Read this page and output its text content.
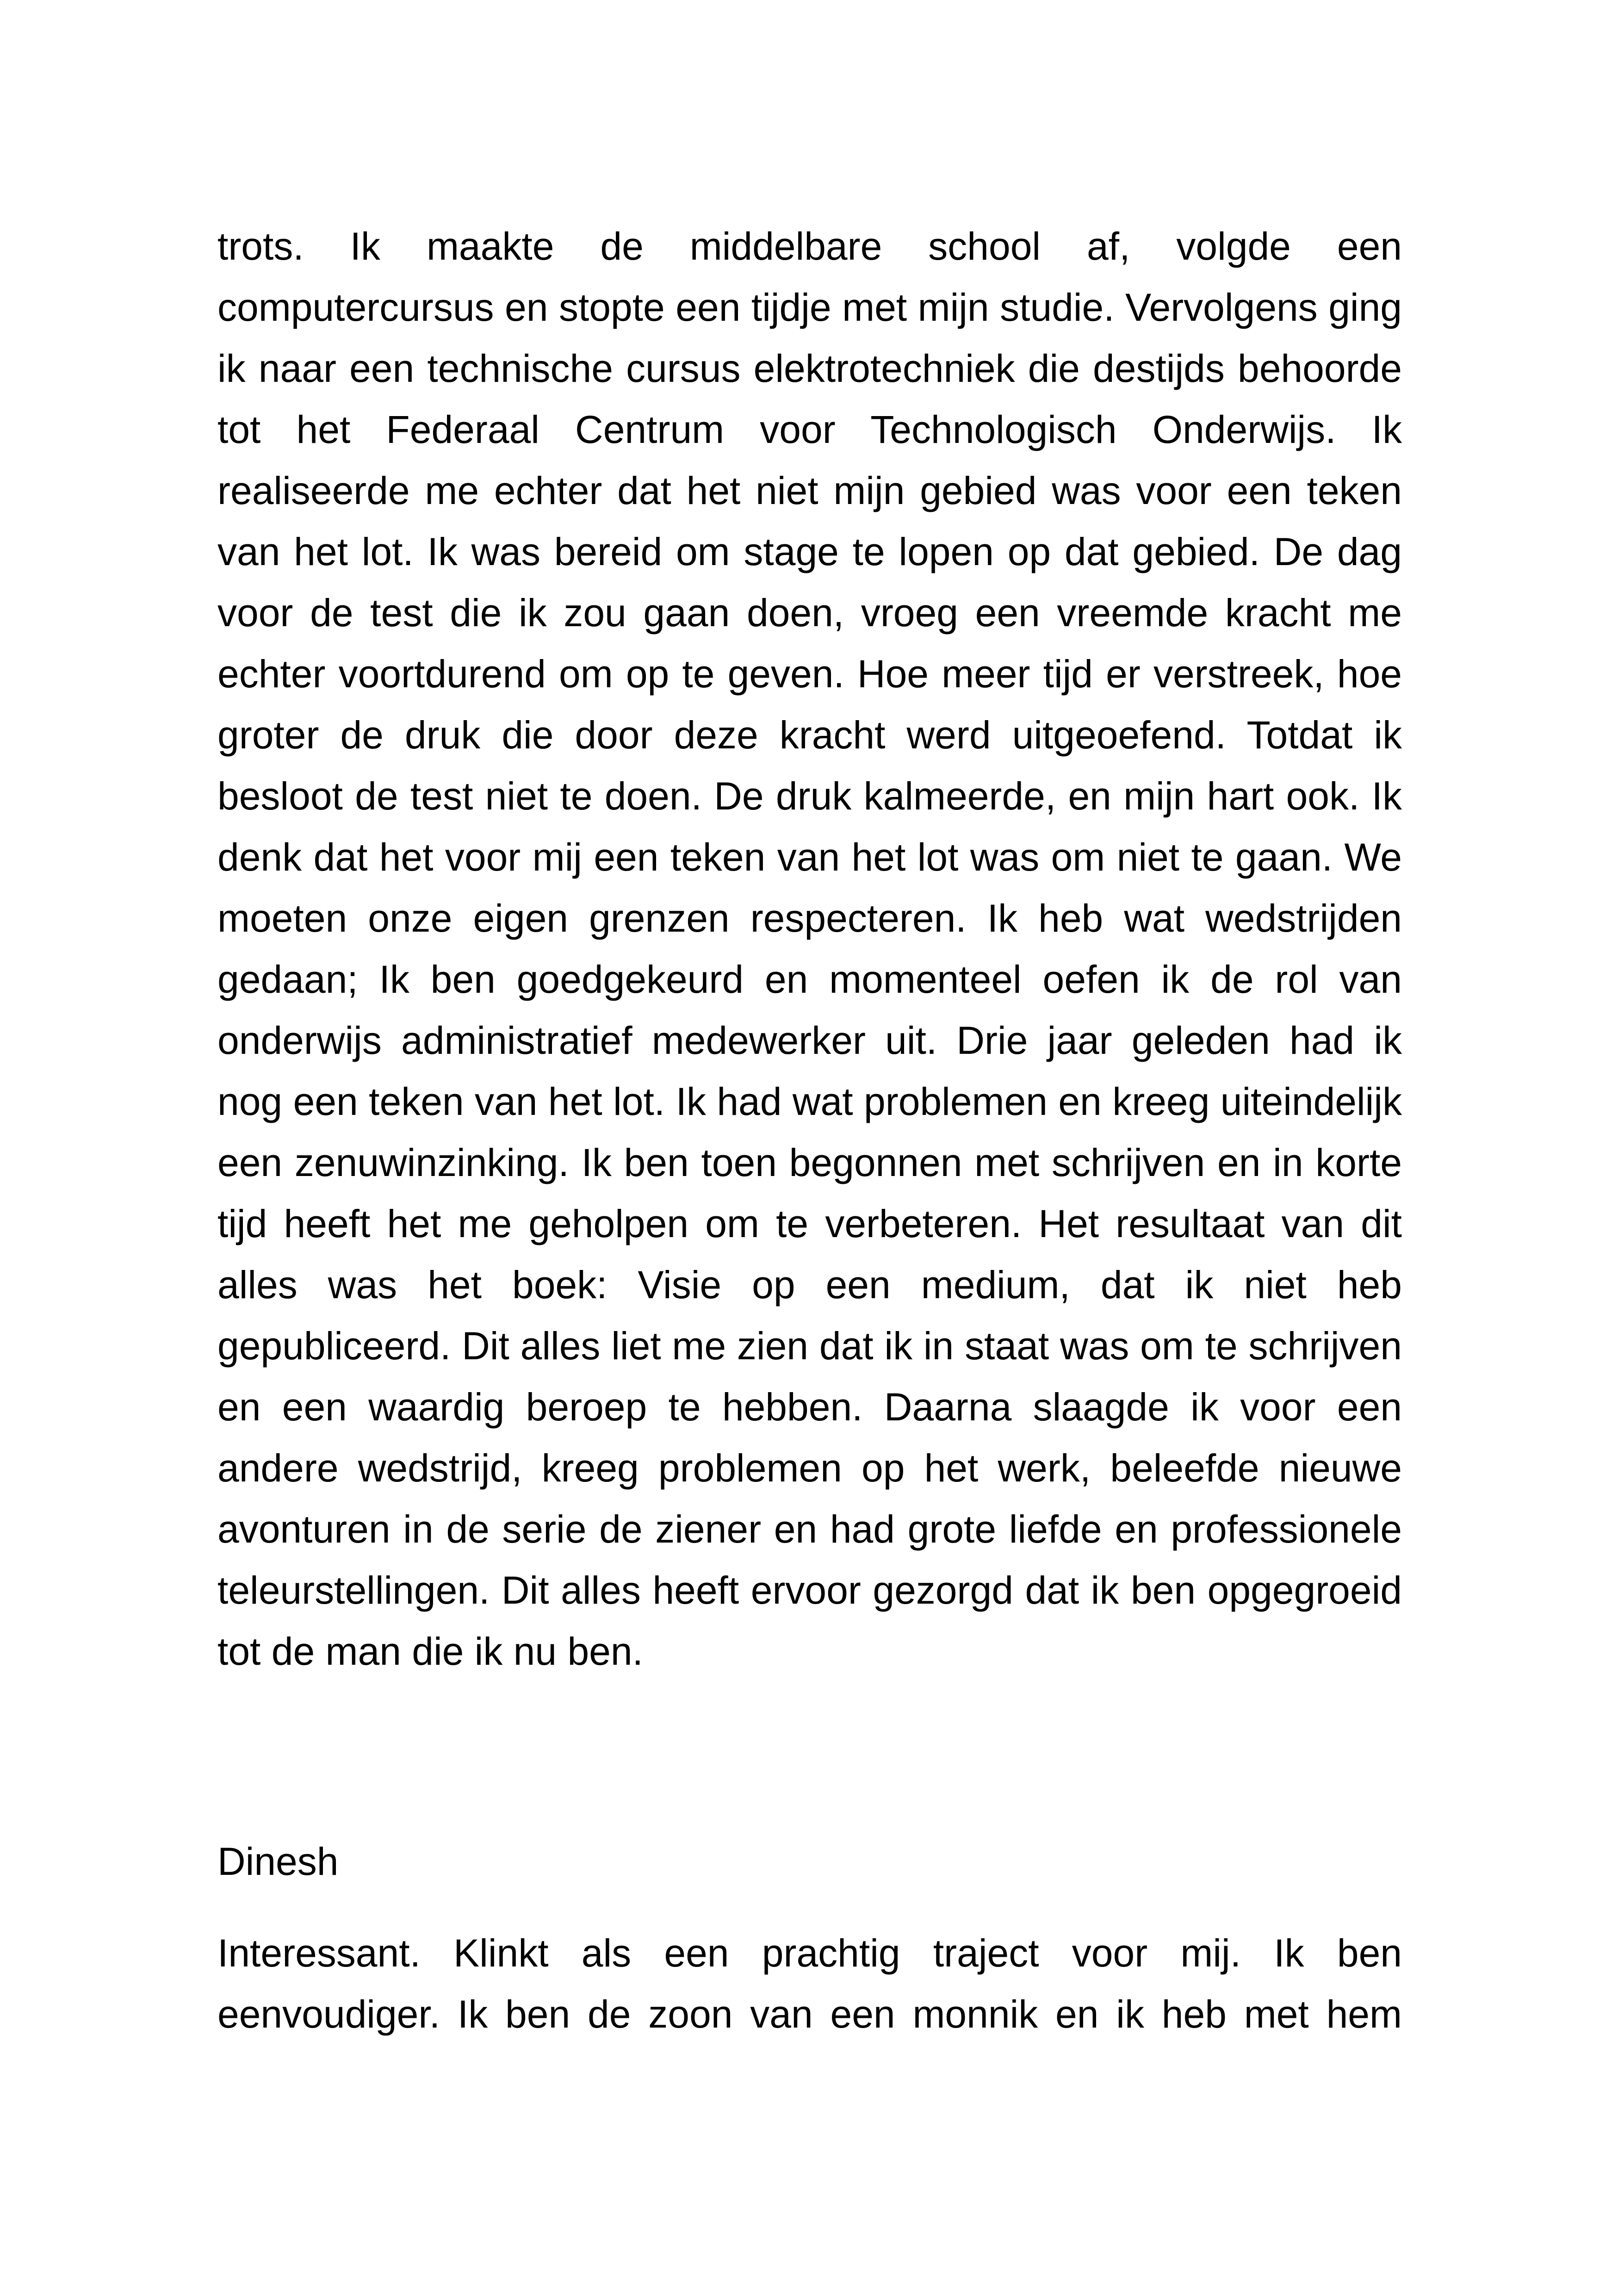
trots. Ik maakte de middelbare school af, volgde een computercursus en stopte een tijdje met mijn studie. Vervolgens ging ik naar een technische cursus elektrotechniek die destijds behoorde tot het Federaal Centrum voor Technologisch Onderwijs. Ik realiseerde me echter dat het niet mijn gebied was voor een teken van het lot. Ik was bereid om stage te lopen op dat gebied. De dag voor de test die ik zou gaan doen, vroeg een vreemde kracht me echter voortdurend om op te geven. Hoe meer tijd er verstreek, hoe groter de druk die door deze kracht werd uitgeoefend. Totdat ik besloot de test niet te doen. De druk kalmeerde, en mijn hart ook. Ik denk dat het voor mij een teken van het lot was om niet te gaan. We moeten onze eigen grenzen respecteren. Ik heb wat wedstrijden gedaan; Ik ben goedgekeurd en momenteel oefen ik de rol van onderwijs administratief medewerker uit. Drie jaar geleden had ik nog een teken van het lot. Ik had wat problemen en kreeg uiteindelijk een zenuwinzinking. Ik ben toen begonnen met schrijven en in korte tijd heeft het me geholpen om te verbeteren. Het resultaat van dit alles was het boek: Visie op een medium, dat ik niet heb gepubliceerd. Dit alles liet me zien dat ik in staat was om te schrijven en een waardig beroep te hebben. Daarna slaagde ik voor een andere wedstrijd, kreeg problemen op het werk, beleefde nieuwe avonturen in de serie de ziener en had grote liefde en professionele teleurstellingen. Dit alles heeft ervoor gezorgd dat ik ben opgegroeid tot de man die ik nu ben.

Dinesh

Interessant. Klinkt als een prachtig traject voor mij. Ik ben eenvoudiger. Ik ben de zoon van een monnik en ik heb met hem
